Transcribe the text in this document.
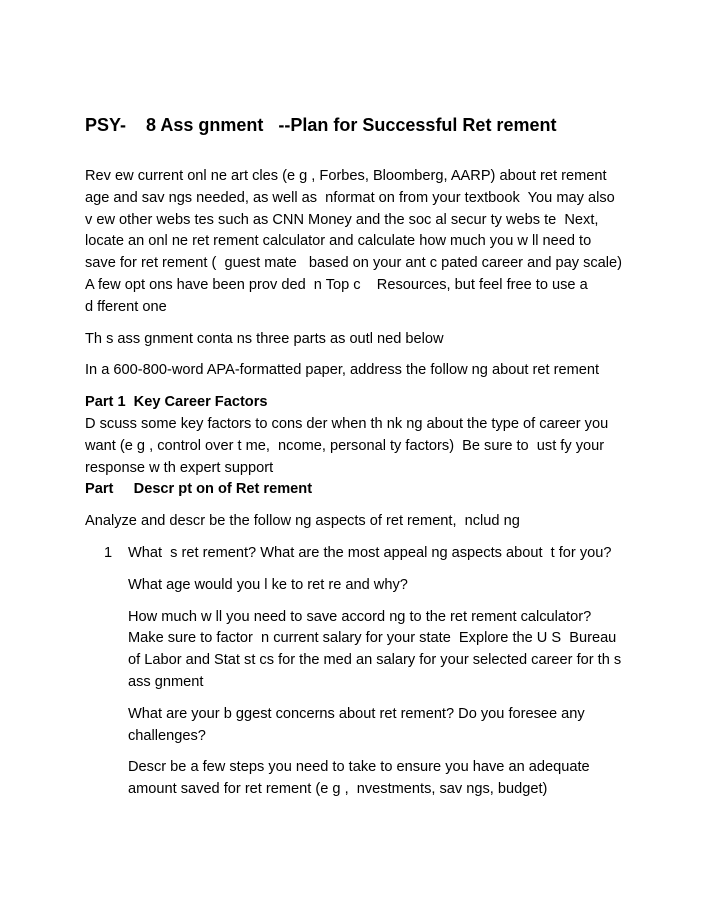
PSY-    8 Ass gnment   --Plan for Successful Ret rement
Rev ew current onl ne art cles (e g , Forbes, Bloomberg, AARP) about ret rement
age and sav ngs needed, as well as  nformat on from your textbook  You may also
v ew other webs tes such as CNN Money and the soc al secur ty webs te  Next,
locate an onl ne ret rement calculator and calculate how much you w ll need to
save for ret rement (  guest mate   based on your ant c pated career and pay scale)
A few opt ons have been prov ded  n Top c    Resources, but feel free to use a
d fferent one
Th s ass gnment conta ns three parts as outl ned below
In a 600-800-word APA-formatted paper, address the follow ng about ret rement
Part 1  Key Career Factors
D scuss some key factors to cons der when th nk ng about the type of career you
want (e g , control over t me,  ncome, personal ty factors)  Be sure to  ust fy your
response w th expert support
Part     Descr pt on of Ret rement
Analyze and descr be the follow ng aspects of ret rement,  nclud ng
1 What  s ret rement? What are the most appeal ng aspects about  t for you?
What age would you l ke to ret re and why?
How much w ll you need to save accord ng to the ret rement calculator?
Make sure to factor  n current salary for your state  Explore the U S  Bureau
of Labor and Stat st cs for the med an salary for your selected career for th s
ass gnment
What are your b ggest concerns about ret rement? Do you foresee any
challenges?
Descr be a few steps you need to take to ensure you have an adequate
amount saved for ret rement (e g ,  nvestments, sav ngs, budget)
